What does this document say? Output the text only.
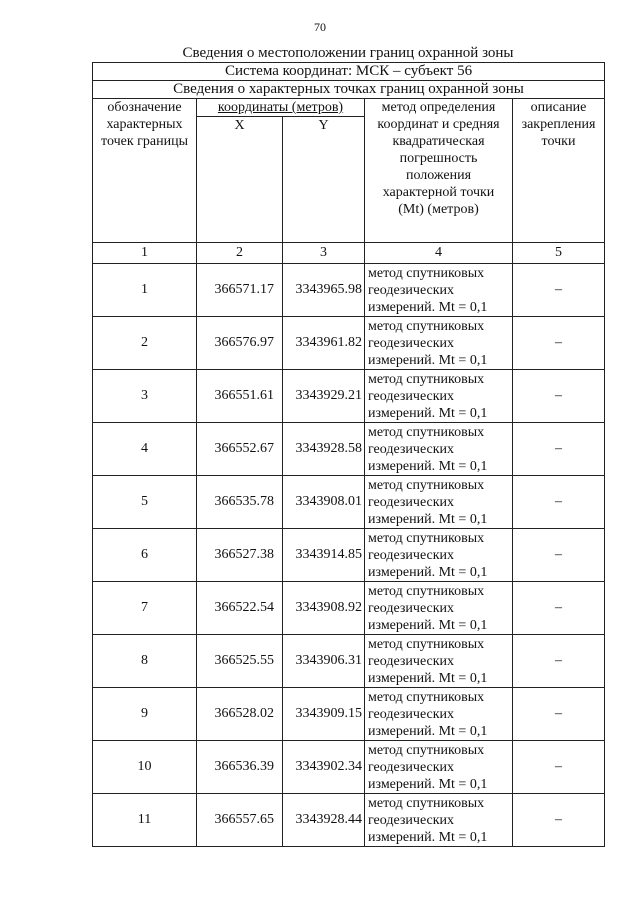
70
Сведения о местоположении границ охранной зоны
Система координат: МСК – субъект 56				
Сведения о характерных точках границ охранной зоны				
обозначение характерных точек границы	координаты (метров)		метод определения координат и средняя квадратическая погрешность положения характерной точки (Mt) (метров)	описание закрепления точки
	X	Y		
1	2	3	4	5
1	366571.17	3343965.98	метод спутниковых
геодезических
измерений. Mt = 0,1	–
2	366576.97	3343961.82	метод спутниковых
геодезических
измерений. Mt = 0,1	–
3	366551.61	3343929.21	метод спутниковых
геодезических
измерений. Mt = 0,1	–
4	366552.67	3343928.58	метод спутниковых
геодезических
измерений. Mt = 0,1	–
5	366535.78	3343908.01	метод спутниковых
геодезических
измерений. Mt = 0,1	–
6	366527.38	3343914.85	метод спутниковых
геодезических
измерений. Mt = 0,1	–
7	366522.54	3343908.92	метод спутниковых
геодезических
измерений. Mt = 0,1	–
8	366525.55	3343906.31	метод спутниковых
геодезических
измерений. Mt = 0,1	–
9	366528.02	3343909.15	метод спутниковых
геодезических
измерений. Mt = 0,1	–
10	366536.39	3343902.34	метод спутниковых
геодезических
измерений. Mt = 0,1	–
11	366557.65	3343928.44	метод спутниковых
геодезических
измерений. Mt = 0,1	–
